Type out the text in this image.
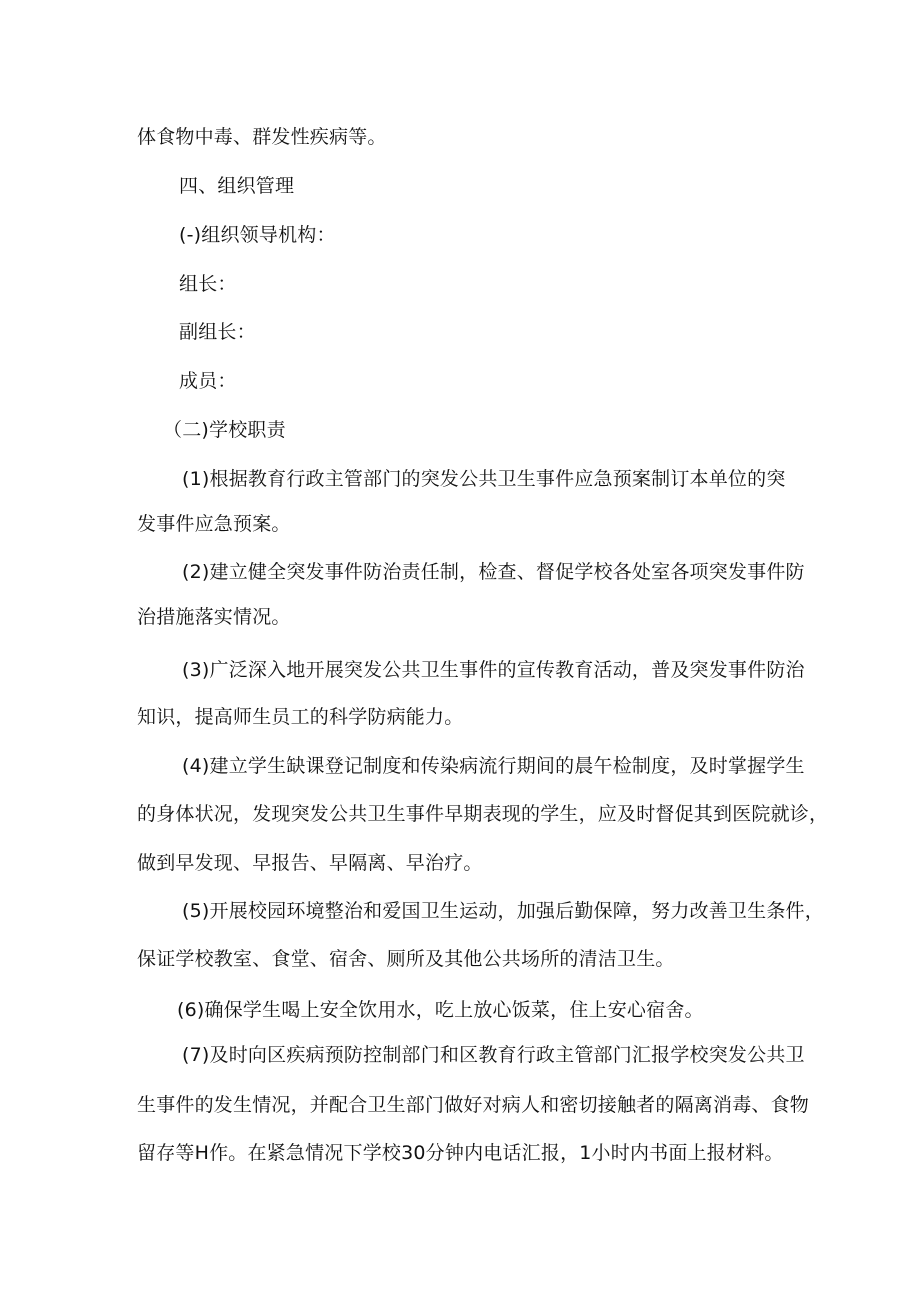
体食物中毒、群发性疾病等。
四、组织管理
(-)组织领导机构：
组长：
副组长：
成员：
（二)学校职责
(1)根据教育行政主管部门的突发公共卫生事件应急预案制订本单位的突
发事件应急预案。
(2)建立健全突发事件防治责任制，检查、督促学校各处室各项突发事件防
治措施落实情况。
(3)广泛深入地开展突发公共卫生事件的宣传教育活动，普及突发事件防治
知识，提高师生员工的科学防病能力。
(4)建立学生缺课登记制度和传染病流行期间的晨午检制度，及时掌握学生
的身体状况，发现突发公共卫生事件早期表现的学生，应及时督促其到医院就诊，
做到早发现、早报告、早隔离、早治疗。
(5)开展校园环境整治和爱国卫生运动，加强后勤保障，努力改善卫生条件，
保证学校教室、食堂、宿舍、厕所及其他公共场所的清洁卫生。
(6)确保学生喝上安全饮用水，吃上放心饭菜，住上安心宿舍。
(7)及时向区疾病预防控制部门和区教育行政主管部门汇报学校突发公共卫
生事件的发生情况，并配合卫生部门做好对病人和密切接触者的隔离消毒、食物
留存等H作。在紧急情况下学校30分钟内电话汇报，1小时内书面上报材料。
